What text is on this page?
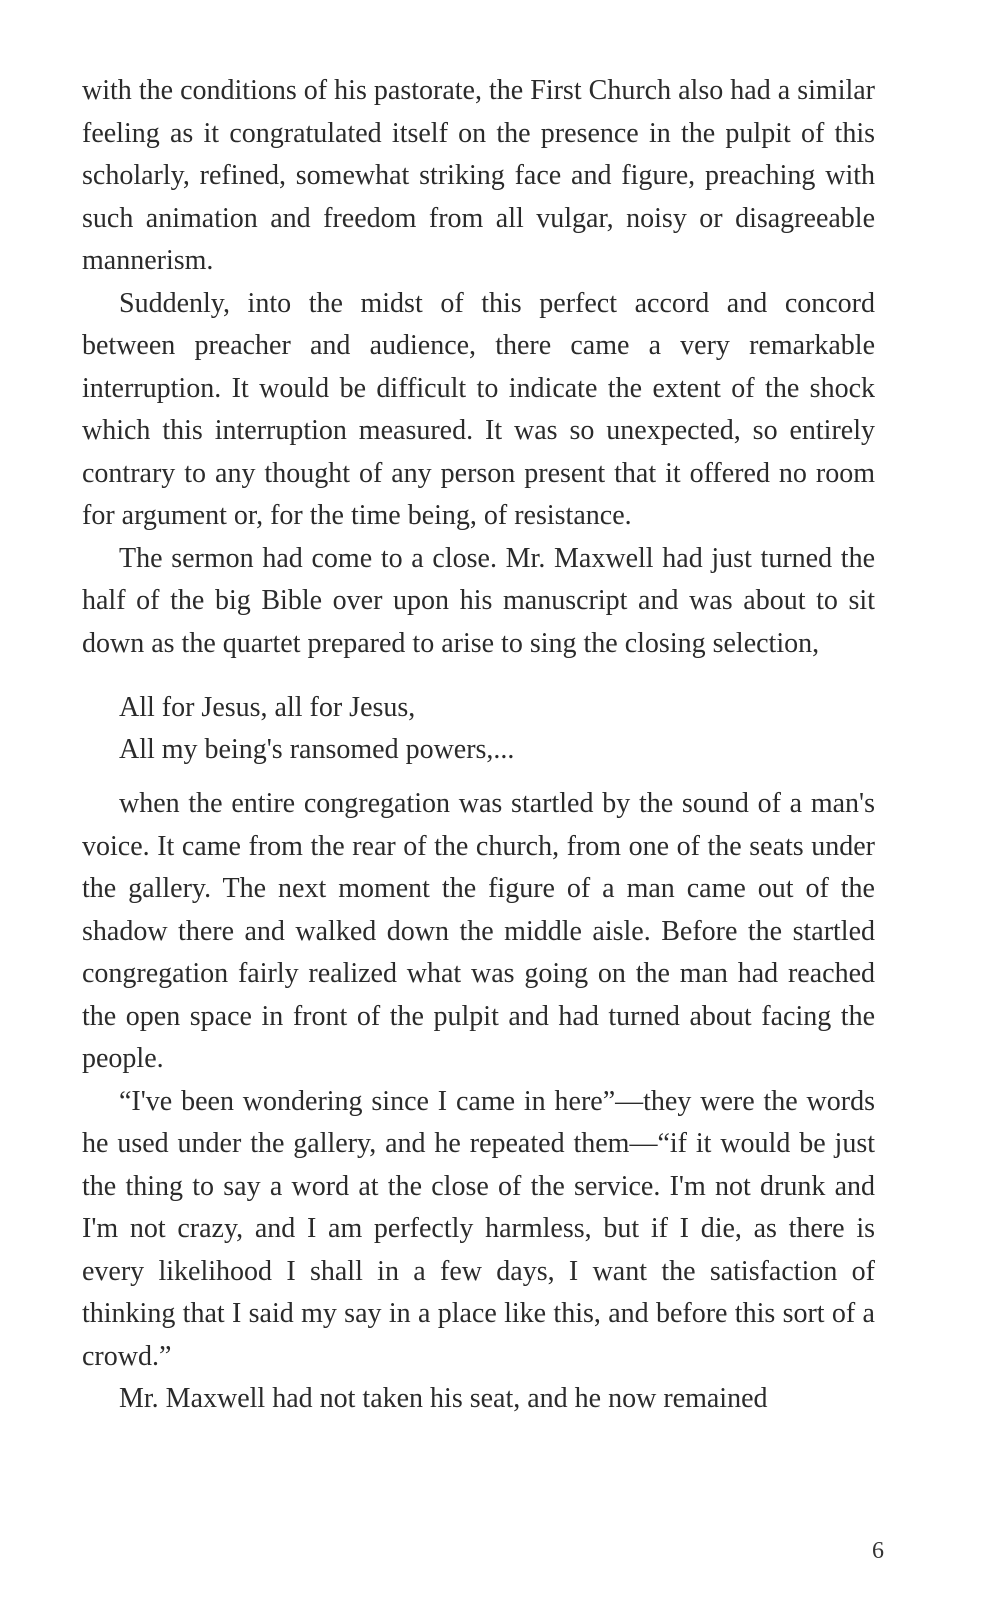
with the conditions of his pastorate, the First Church also had a similar feeling as it congratulated itself on the presence in the pulpit of this scholarly, refined, somewhat striking face and figure, preaching with such animation and freedom from all vulgar, noisy or disagreeable mannerism.

Suddenly, into the midst of this perfect accord and concord between preacher and audience, there came a very remarkable interruption. It would be difficult to indicate the extent of the shock which this interruption measured. It was so unexpected, so entirely contrary to any thought of any person present that it offered no room for argument or, for the time being, of resistance.

The sermon had come to a close. Mr. Maxwell had just turned the half of the big Bible over upon his manuscript and was about to sit down as the quartet prepared to arise to sing the closing selection,

All for Jesus, all for Jesus,
All my being's ransomed powers,...

when the entire congregation was startled by the sound of a man's voice. It came from the rear of the church, from one of the seats under the gallery. The next moment the figure of a man came out of the shadow there and walked down the middle aisle. Before the startled congregation fairly realized what was going on the man had reached the open space in front of the pulpit and had turned about facing the people.

“I've been wondering since I came in here”—they were the words he used under the gallery, and he repeated them—“if it would be just the thing to say a word at the close of the service. I'm not drunk and I'm not crazy, and I am perfectly harmless, but if I die, as there is every likelihood I shall in a few days, I want the satisfaction of thinking that I said my say in a place like this, and before this sort of a crowd.”

Mr. Maxwell had not taken his seat, and he now remained

6
